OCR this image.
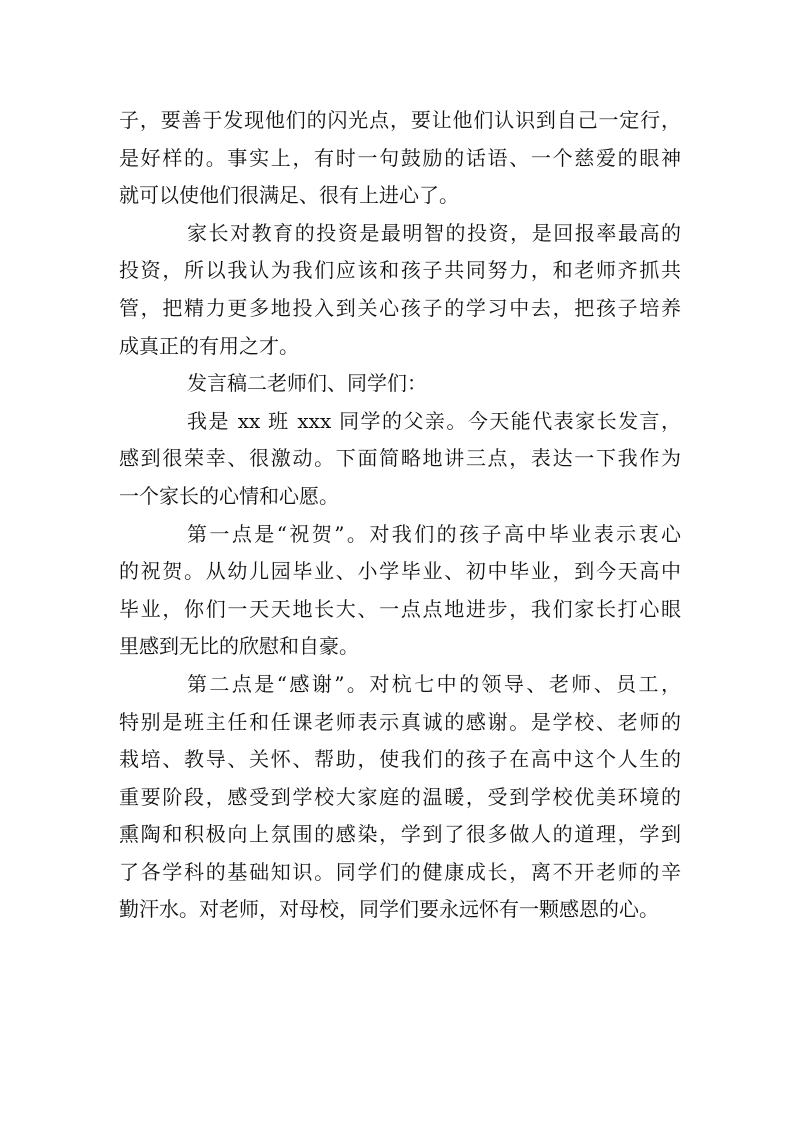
子，要善于发现他们的闪光点，要让他们认识到自己一定行，
是好样的。事实上，有时一句鼓励的话语、一个慈爱的眼神
就可以使他们很满足、很有上进心了。
家长对教育的投资是最明智的投资，是回报率最高的
投资，所以我认为我们应该和孩子共同努力，和老师齐抓共
管，把精力更多地投入到关心孩子的学习中去，把孩子培养
成真正的有用之才。
发言稿二老师们、同学们：
我是 xx 班 xxx 同学的父亲。今天能代表家长发言，
感到很荣幸、很激动。下面简略地讲三点，表达一下我作为
一个家长的心情和心愿。
第一点是“祝贺”。对我们的孩子高中毕业表示衷心
的祝贺。从幼儿园毕业、小学毕业、初中毕业，到今天高中
毕业，你们一天天地长大、一点点地进步，我们家长打心眼
里感到无比的欣慰和自豪。
第二点是“感谢”。对杭七中的领导、老师、员工，
特别是班主任和任课老师表示真诚的感谢。是学校、老师的
栽培、教导、关怀、帮助，使我们的孩子在高中这个人生的
重要阶段，感受到学校大家庭的温暖，受到学校优美环境的
熏陶和积极向上氛围的感染，学到了很多做人的道理，学到
了各学科的基础知识。同学们的健康成长，离不开老师的辛
勤汗水。对老师，对母校，同学们要永远怀有一颗感恩的心。
